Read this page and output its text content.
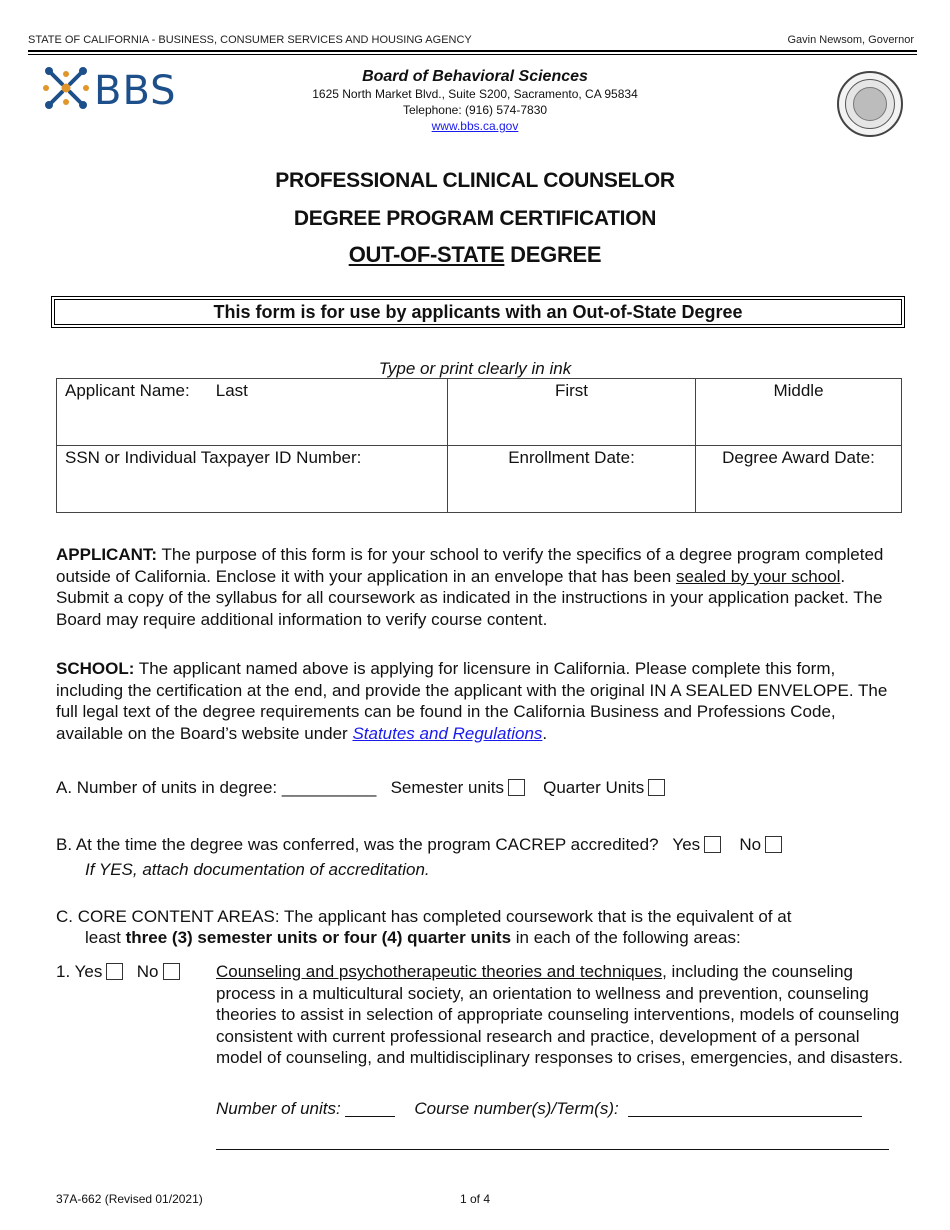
STATE OF CALIFORNIA - BUSINESS, CONSUMER SERVICES AND HOUSING AGENCY	Gavin Newsom, Governor
BBS	Board of Behavioral Sciences
1625 North Market Blvd., Suite S200, Sacramento, CA 95834
Telephone: (916) 574-7830
www.bbs.ca.gov
PROFESSIONAL CLINICAL COUNSELOR
DEGREE PROGRAM CERTIFICATION
OUT-OF-STATE DEGREE
This form is for use by applicants with an Out-of-State Degree
Type or print clearly in ink
Applicant Name: Last	First	Middle
SSN or Individual Taxpayer ID Number:	Enrollment Date:	Degree Award Date:
APPLICANT: The purpose of this form is for your school to verify the specifics of a degree program completed outside of California. Enclose it with your application in an envelope that has been sealed by your school. Submit a copy of the syllabus for all coursework as indicated in the instructions in your application packet. The Board may require additional information to verify course content.
SCHOOL: The applicant named above is applying for licensure in California. Please complete this form, including the certification at the end, and provide the applicant with the original IN A SEALED ENVELOPE. The full legal text of the degree requirements can be found in the California Business and Professions Code, available on the Board’s website under Statutes and Regulations.
A. Number of units in degree: __________ Semester units Quarter Units
B. At the time the degree was conferred, was the program CACREP accredited? Yes No
If YES, attach documentation of accreditation.
C. CORE CONTENT AREAS: The applicant has completed coursework that is the equivalent of at
least three (3) semester units or four (4) quarter units in each of the following areas:
1. Yes No	Counseling and psychotherapeutic theories and techniques, including the counseling process in a multicultural society, an orientation to wellness and prevention, counseling theories to assist in selection of appropriate counseling interventions, models of counseling consistent with current professional research and practice, development of a personal model of counseling, and multidisciplinary responses to crises, emergencies, and disasters.
Number of units:	Course number(s)/Term(s):
37A-662 (Revised 01/2021)	1 of 4
